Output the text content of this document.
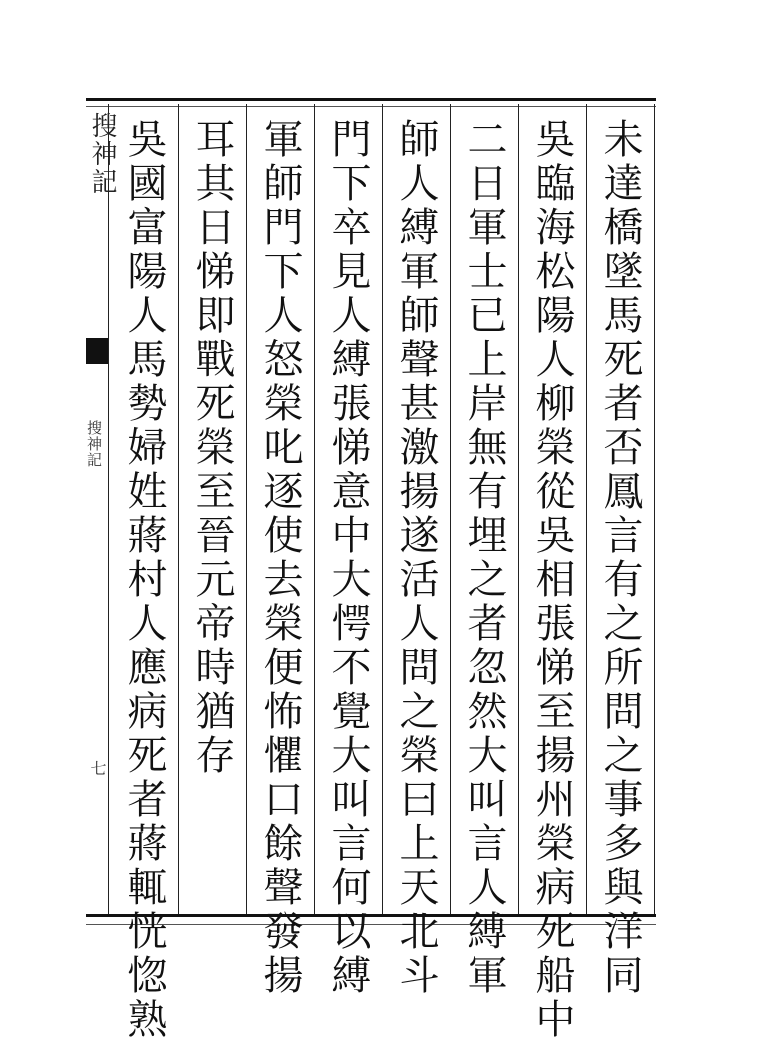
搜神記
搜神記
七	未達橋墜馬死者否鳳言有之所問之事多與洋同
吳臨海松陽人柳榮從吳相張悌至揚州榮病死船中
二日軍士已上岸無有埋之者忽然大叫言人縛軍
師人縛軍師聲甚激揚遂活人問之榮曰上天北斗
門下卒見人縛張悌意中大愕不覺大叫言何以縛
軍師門下人怒榮叱逐使去榮便怖懼口餘聲發揚
耳其日悌即戰死榮至晉元帝時猶存
吳國富陽人馬勢婦姓蔣村人應病死者蔣輒恍惚熟
